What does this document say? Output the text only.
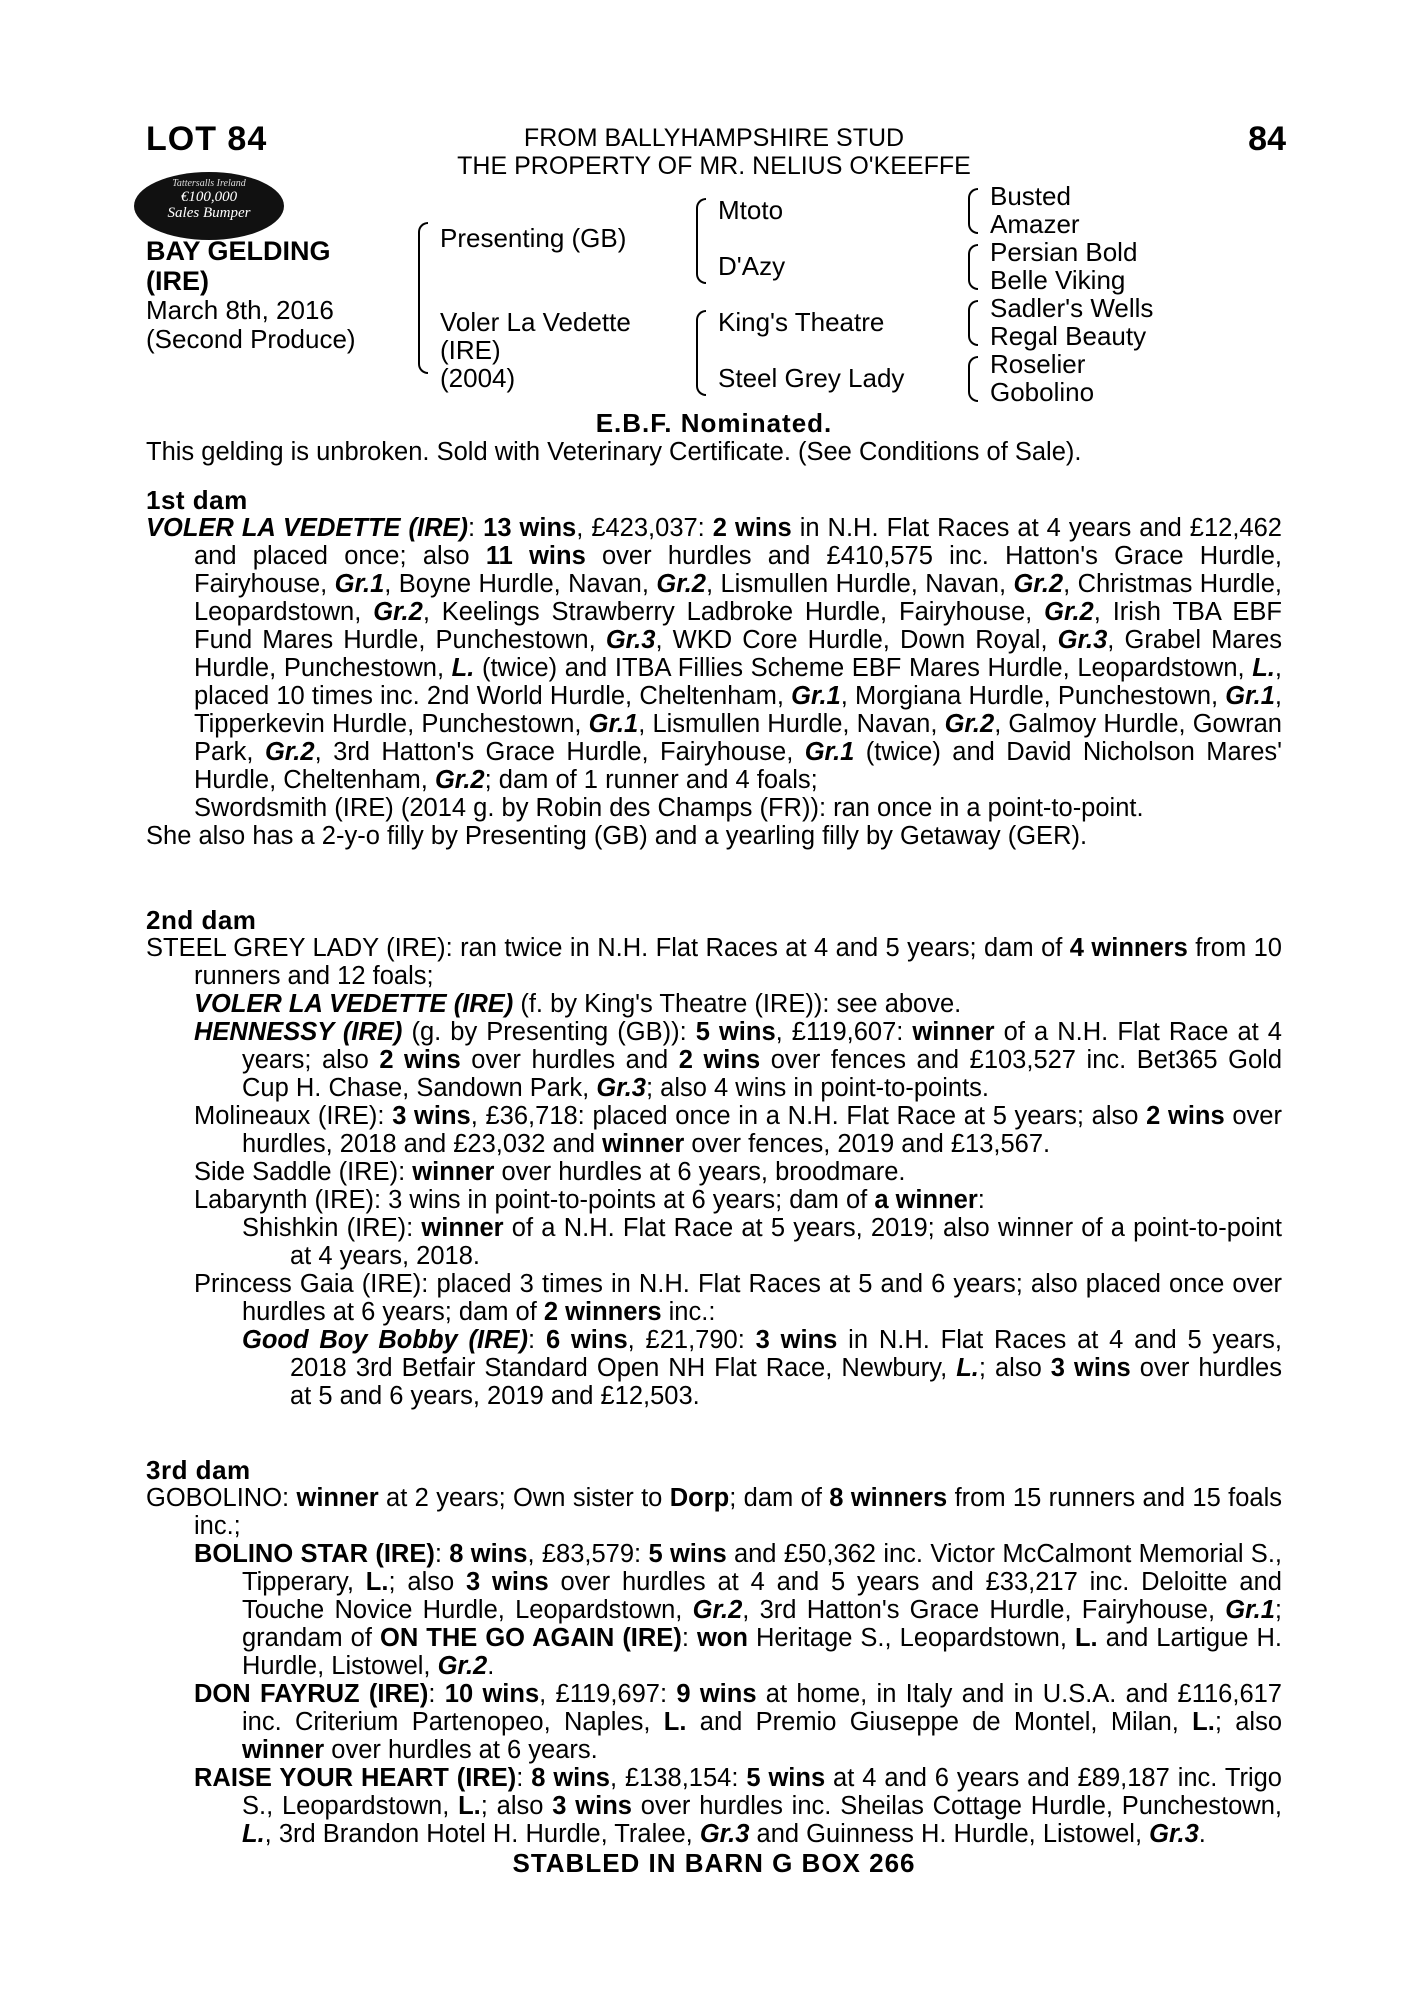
LOT 84	84
FROM BALLYHAMPSHIRE STUD
THE PROPERTY OF MR. NELIUS O'KEEFFE
Tattersalls Ireland
€100,000
Sales Bumper
BAY GELDING
(IRE)
March 8th, 2016
(Second Produce)
Presenting (GB)
Voler La Vedette
(IRE)
(2004)
Mtoto
D'Azy
King's Theatre
Steel Grey Lady
Busted
Amazer
Persian Bold
Belle Viking
Sadler's Wells
Regal Beauty
Roselier
Gobolino
E.B.F. Nominated.
This gelding is unbroken. Sold with Veterinary Certificate. (See Conditions of Sale).
1st dam

VOLER LA VEDETTE (IRE): 13 wins, £423,037: 2 wins in N.H. Flat Races at 4 years and £12,462 and placed once; also 11 wins over hurdles and £410,575 inc. Hatton's Grace Hurdle, Fairyhouse, Gr.1, Boyne Hurdle, Navan, Gr.2, Lismullen Hurdle, Navan, Gr.2, Christmas Hurdle, Leopardstown, Gr.2, Keelings Strawberry Ladbroke Hurdle, Fairyhouse, Gr.2, Irish TBA EBF Fund Mares Hurdle, Punchestown, Gr.3, WKD Core Hurdle, Down Royal, Gr.3, Grabel Mares Hurdle, Punchestown, L. (twice) and ITBA Fillies Scheme EBF Mares Hurdle, Leopardstown, L., placed 10 times inc. 2nd World Hurdle, Cheltenham, Gr.1, Morgiana Hurdle, Punchestown, Gr.1, Tipperkevin Hurdle, Punchestown, Gr.1, Lismullen Hurdle, Navan, Gr.2, Galmoy Hurdle, Gowran Park, Gr.2, 3rd Hatton's Grace Hurdle, Fairyhouse, Gr.1 (twice) and David Nicholson Mares' Hurdle, Cheltenham, Gr.2; dam of 1 runner and 4 foals;

Swordsmith (IRE) (2014 g. by Robin des Champs (FR)): ran once in a point-to-point.

She also has a 2-y-o filly by Presenting (GB) and a yearling filly by Getaway (GER).

2nd dam

STEEL GREY LADY (IRE): ran twice in N.H. Flat Races at 4 and 5 years; dam of 4 winners from 10 runners and 12 foals;

VOLER LA VEDETTE (IRE) (f. by King's Theatre (IRE)): see above.

HENNESSY (IRE) (g. by Presenting (GB)): 5 wins, £119,607: winner of a N.H. Flat Race at 4 years; also 2 wins over hurdles and 2 wins over fences and £103,527 inc. Bet365 Gold Cup H. Chase, Sandown Park, Gr.3; also 4 wins in point-to-points.

Molineaux (IRE): 3 wins, £36,718: placed once in a N.H. Flat Race at 5 years; also 2 wins over hurdles, 2018 and £23,032 and winner over fences, 2019 and £13,567.

Side Saddle (IRE): winner over hurdles at 6 years, broodmare.

Labarynth (IRE): 3 wins in point-to-points at 6 years; dam of a winner:

Shishkin (IRE): winner of a N.H. Flat Race at 5 years, 2019; also winner of a point-to-point at 4 years, 2018.

Princess Gaia (IRE): placed 3 times in N.H. Flat Races at 5 and 6 years; also placed once over hurdles at 6 years; dam of 2 winners inc.:

Good Boy Bobby (IRE): 6 wins, £21,790: 3 wins in N.H. Flat Races at 4 and 5 years, 2018 3rd Betfair Standard Open NH Flat Race, Newbury, L.; also 3 wins over hurdles at 5 and 6 years, 2019 and £12,503.

3rd dam

GOBOLINO: winner at 2 years; Own sister to Dorp; dam of 8 winners from 15 runners and 15 foals inc.;

BOLINO STAR (IRE): 8 wins, £83,579: 5 wins and £50,362 inc. Victor McCalmont Memorial S., Tipperary, L.; also 3 wins over hurdles at 4 and 5 years and £33,217 inc. Deloitte and Touche Novice Hurdle, Leopardstown, Gr.2, 3rd Hatton's Grace Hurdle, Fairyhouse, Gr.1; grandam of ON THE GO AGAIN (IRE): won Heritage S., Leopardstown, L. and Lartigue H. Hurdle, Listowel, Gr.2.

DON FAYRUZ (IRE): 10 wins, £119,697: 9 wins at home, in Italy and in U.S.A. and £116,617 inc. Criterium Partenopeo, Naples, L. and Premio Giuseppe de Montel, Milan, L.; also winner over hurdles at 6 years.

RAISE YOUR HEART (IRE): 8 wins, £138,154: 5 wins at 4 and 6 years and £89,187 inc. Trigo S., Leopardstown, L.; also 3 wins over hurdles inc. Sheilas Cottage Hurdle, Punchestown, L., 3rd Brandon Hotel H. Hurdle, Tralee, Gr.3 and Guinness H. Hurdle, Listowel, Gr.3.

STABLED IN BARN G BOX 266
